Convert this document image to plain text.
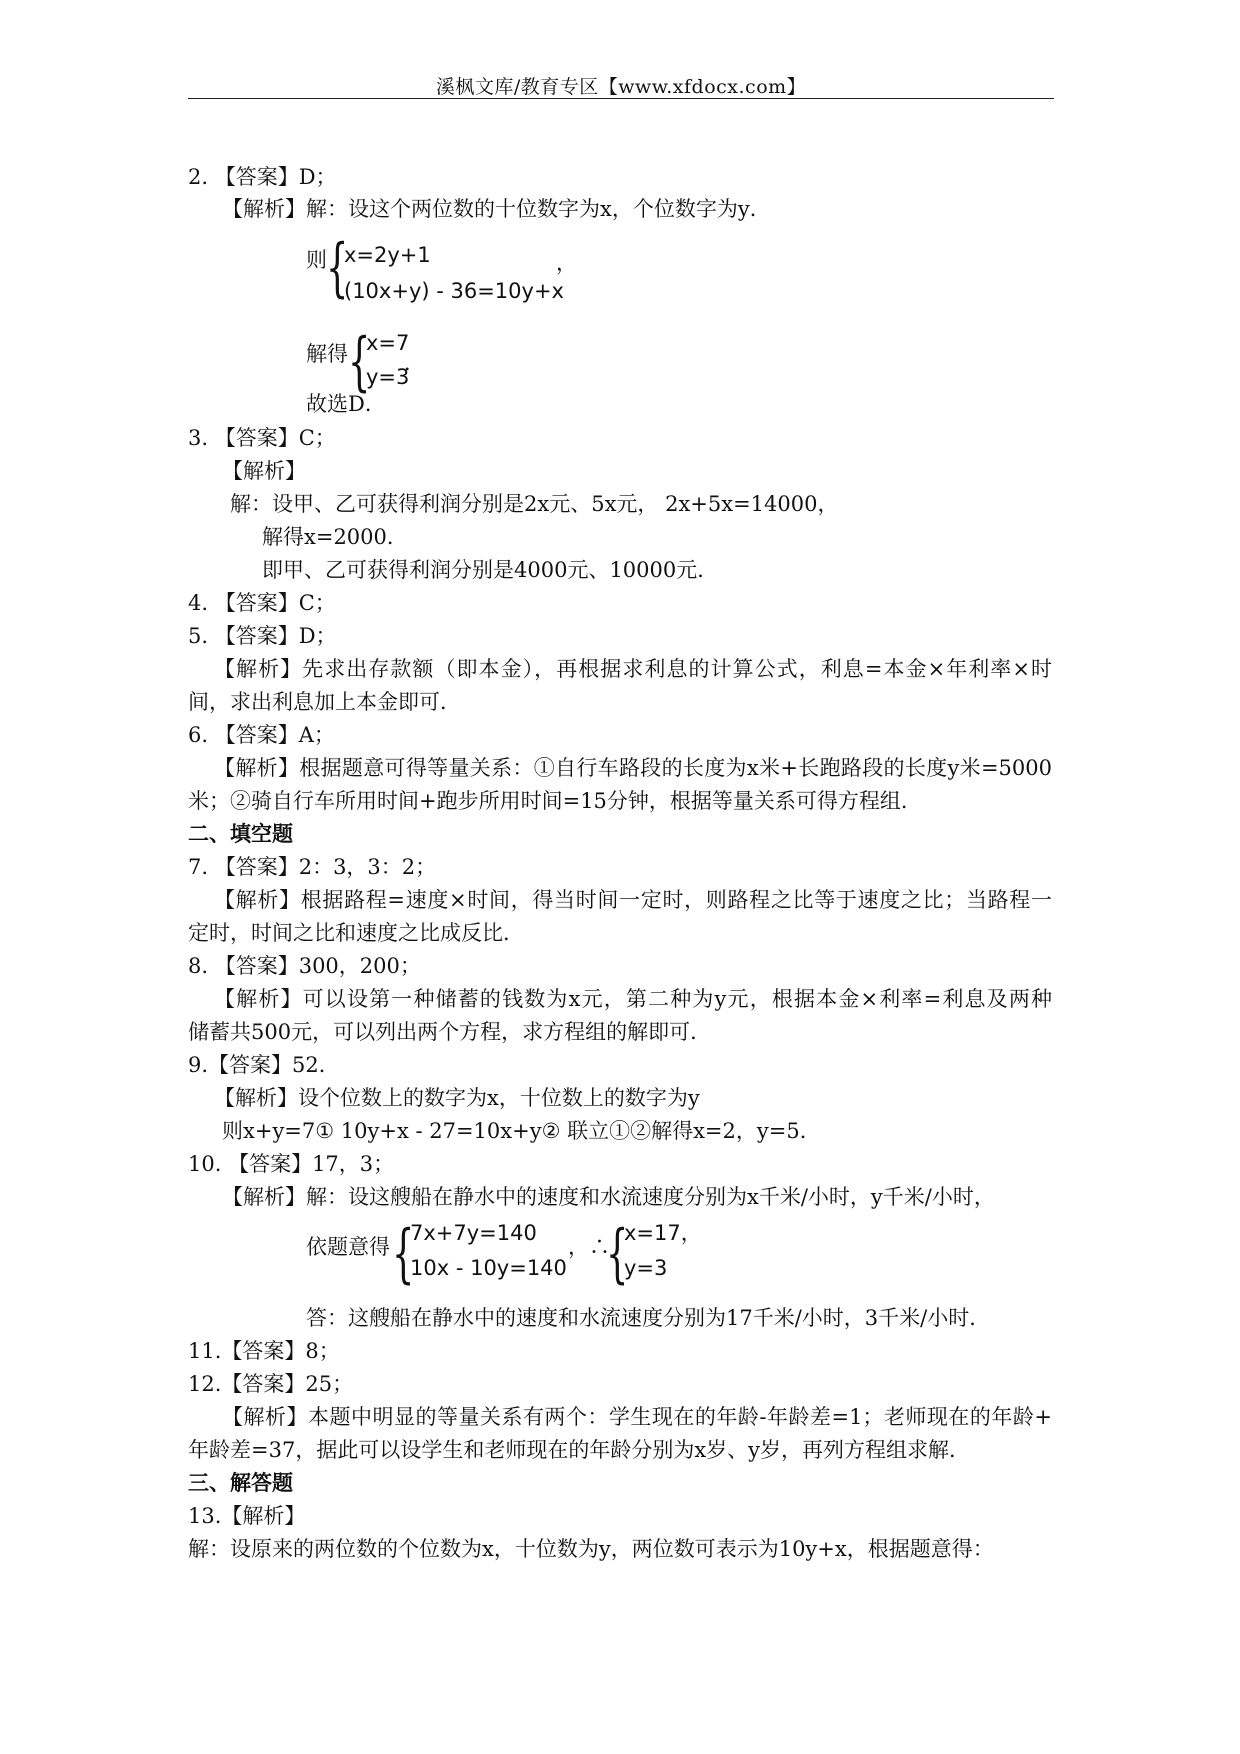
溪枫文库/教育专区【www.xfdocx.com】
2. 【答案】D；
【解析】解：设这个两位数的十位数字为x，个位数字为y．
则 {
x=2y+1	，
(10x+y) - 36=10y+x
解得 {
x=7
y=3
．
故选D．
3. 【答案】C；
【解析】
解：设甲、乙可获得利润分别是2x元、5x元， 2x+5x=14000，
解得x=2000．
即甲、乙可获得利润分别是4000元、10000元．
4. 【答案】C；
5. 【答案】D；
【解析】先求出存款额（即本金），再根据求利息的计算公式，利息=本金×年利率×时
间，求出利息加上本金即可．
6. 【答案】A；
【解析】根据题意可得等量关系：①自行车路段的长度为x米+长跑路段的长度y米=5000
米；②骑自行车所用时间+跑步所用时间=15分钟，根据等量关系可得方程组．
二、填空题
7. 【答案】2：3，3：2；
【解析】根据路程=速度×时间，得当时间一定时，则路程之比等于速度之比；当路程一
定时，时间之比和速度之比成反比．
8. 【答案】300，200；
【解析】可以设第一种储蓄的钱数为x元，第二种为y元，根据本金×利率=利息及两种
储蓄共500元，可以列出两个方程，求方程组的解即可．
9.【答案】52．
【解析】设个位数上的数字为x，十位数上的数字为y
则x+y=7① 10y+x - 27=10x+y② 联立①②解得x=2，y=5．
10. 【答案】17，3；
【解析】解：设这艘船在静水中的速度和水流速度分别为x千米/小时，y千米/小时，
依题意得 {
7x+7y=140
10x - 10y=140
，∴
{
x=17，
y=3
答：这艘船在静水中的速度和水流速度分别为17千米/小时，3千米/小时．
11.【答案】8；
12.【答案】25；
【解析】本题中明显的等量关系有两个：学生现在的年龄-年龄差=1；老师现在的年龄+
年龄差=37，据此可以设学生和老师现在的年龄分别为x岁、y岁，再列方程组求解．
三、解答题
13.【解析】
解：设原来的两位数的个位数为x，十位数为y，两位数可表示为10y+x，根据题意得：
